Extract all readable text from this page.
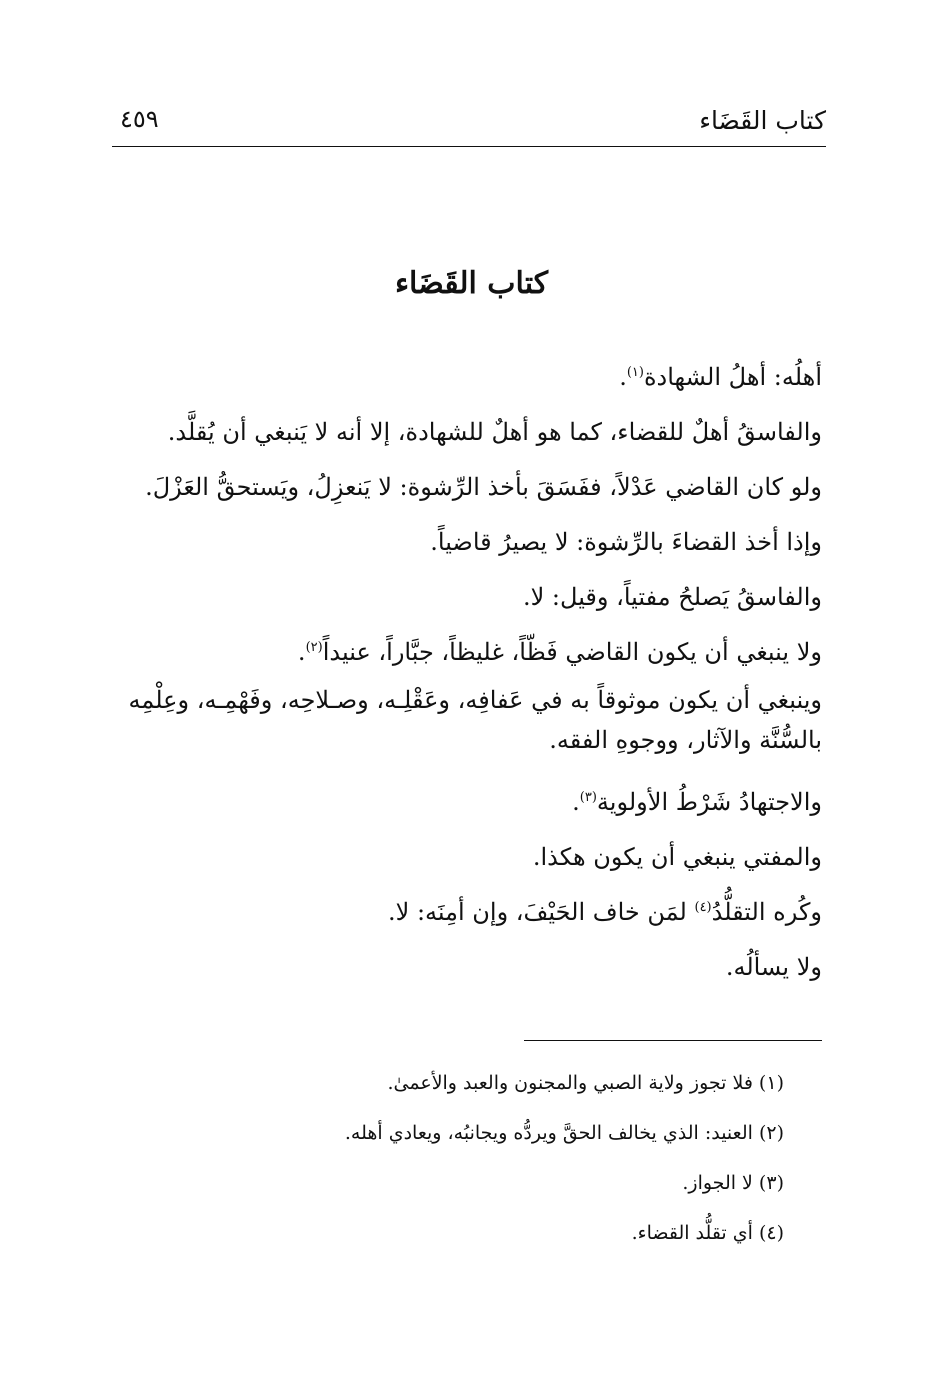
كتاب القَضَاء
٤٥٩
كتاب القَضَاء

أهلُه: أهلُ الشهادة$^{(١)}$.

والفاسقُ أهلٌ للقضاء، كما هو أهلٌ للشهادة، إلا أنه لا يَنبغي أن يُقلَّد.

ولو كان القاضي عَدْلاً، ففَسَقَ بأخذ الرِّشوة: لا يَنعزِلُ، ويَستحقُّ العَزْلَ.

وإذا أخذ القضاءَ بالرِّشوة: لا يصيرُ قاضياً.

والفاسقُ يَصلحُ مفتياً، وقيل: لا.

ولا ينبغي أن يكون القاضي فَظّاً، غليظاً، جبَّاراً، عنيداً$^{(٢)}$.

وينبغي أن يكون موثوقاً به في عَفافِه، وعَقْلِـه، وصـلاحِه، وفَهْمِـه، وعِلْمِه بالسُّنَّة والآثار، ووجوهِ الفقه.

والاجتهادُ شَرْطُ الأولوية$^{(٣)}$.

والمفتي ينبغي أن يكون هكذا.

وكُره التقلُّدُ$^{(٤)}$ لمَن خاف الحَيْفَ، وإن أمِنَه: لا.

ولا يسألُه.

(١) فلا تجوز ولاية الصبي والمجنون والعبد والأعمىٰ.

(٢) العنيد: الذي يخالف الحقَّ ويردُّه ويجانبُه، ويعادي أهله.

(٣) لا الجواز.

(٤) أي تقلُّد القضاء.
